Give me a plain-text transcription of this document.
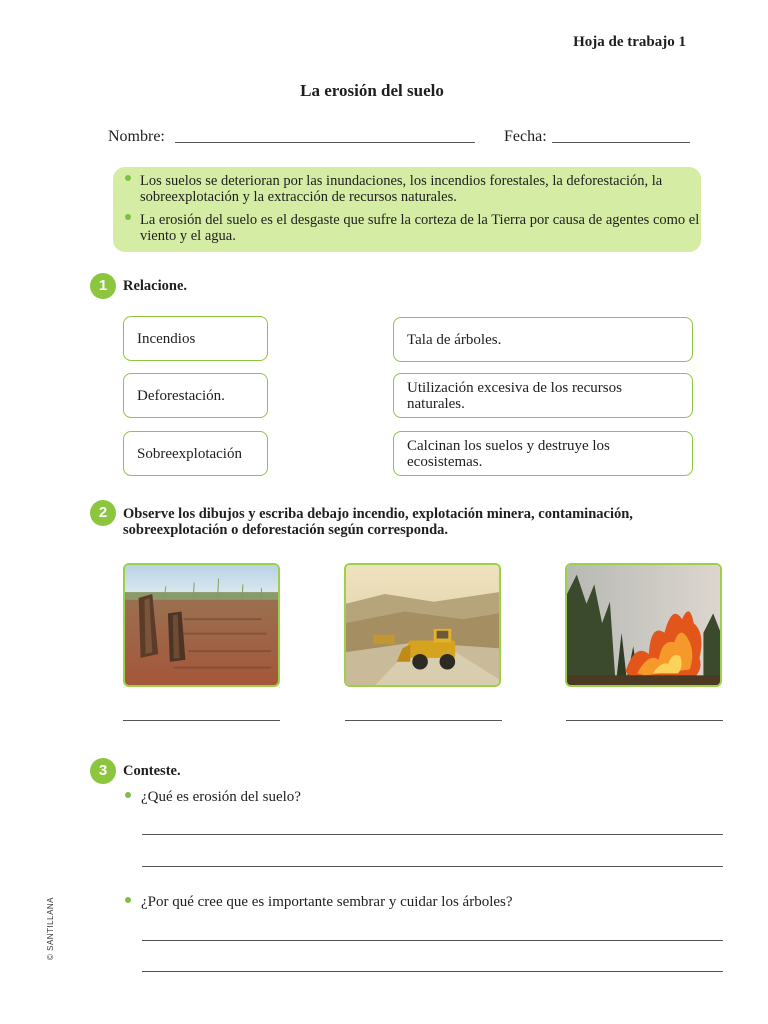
Hoja de trabajo 1
La erosión del suelo
Nombre:	Fecha:
Los suelos se deterioran por las inundaciones, los incendios forestales, la deforestación, la sobreexplotación y la extracción de recursos naturales.
La erosión del suelo es el desgaste que sufre la corteza de la Tierra por causa de agentes como el viento y el agua.
1	Relacione.
Incendios
Deforestación.
Sobreexplotación
Tala de árboles.
Utilización excesiva de los recursos naturales.
Calcinan los suelos y destruye los ecosistemas.
2	Observe los dibujos y escriba debajo incendio, explotación minera, contaminación, sobreexplotación o deforestación según corresponda.
3	Conteste.
¿Qué es erosión del suelo?
¿Por qué cree que es importante sembrar y cuidar los árboles?
© SANTILLANA
